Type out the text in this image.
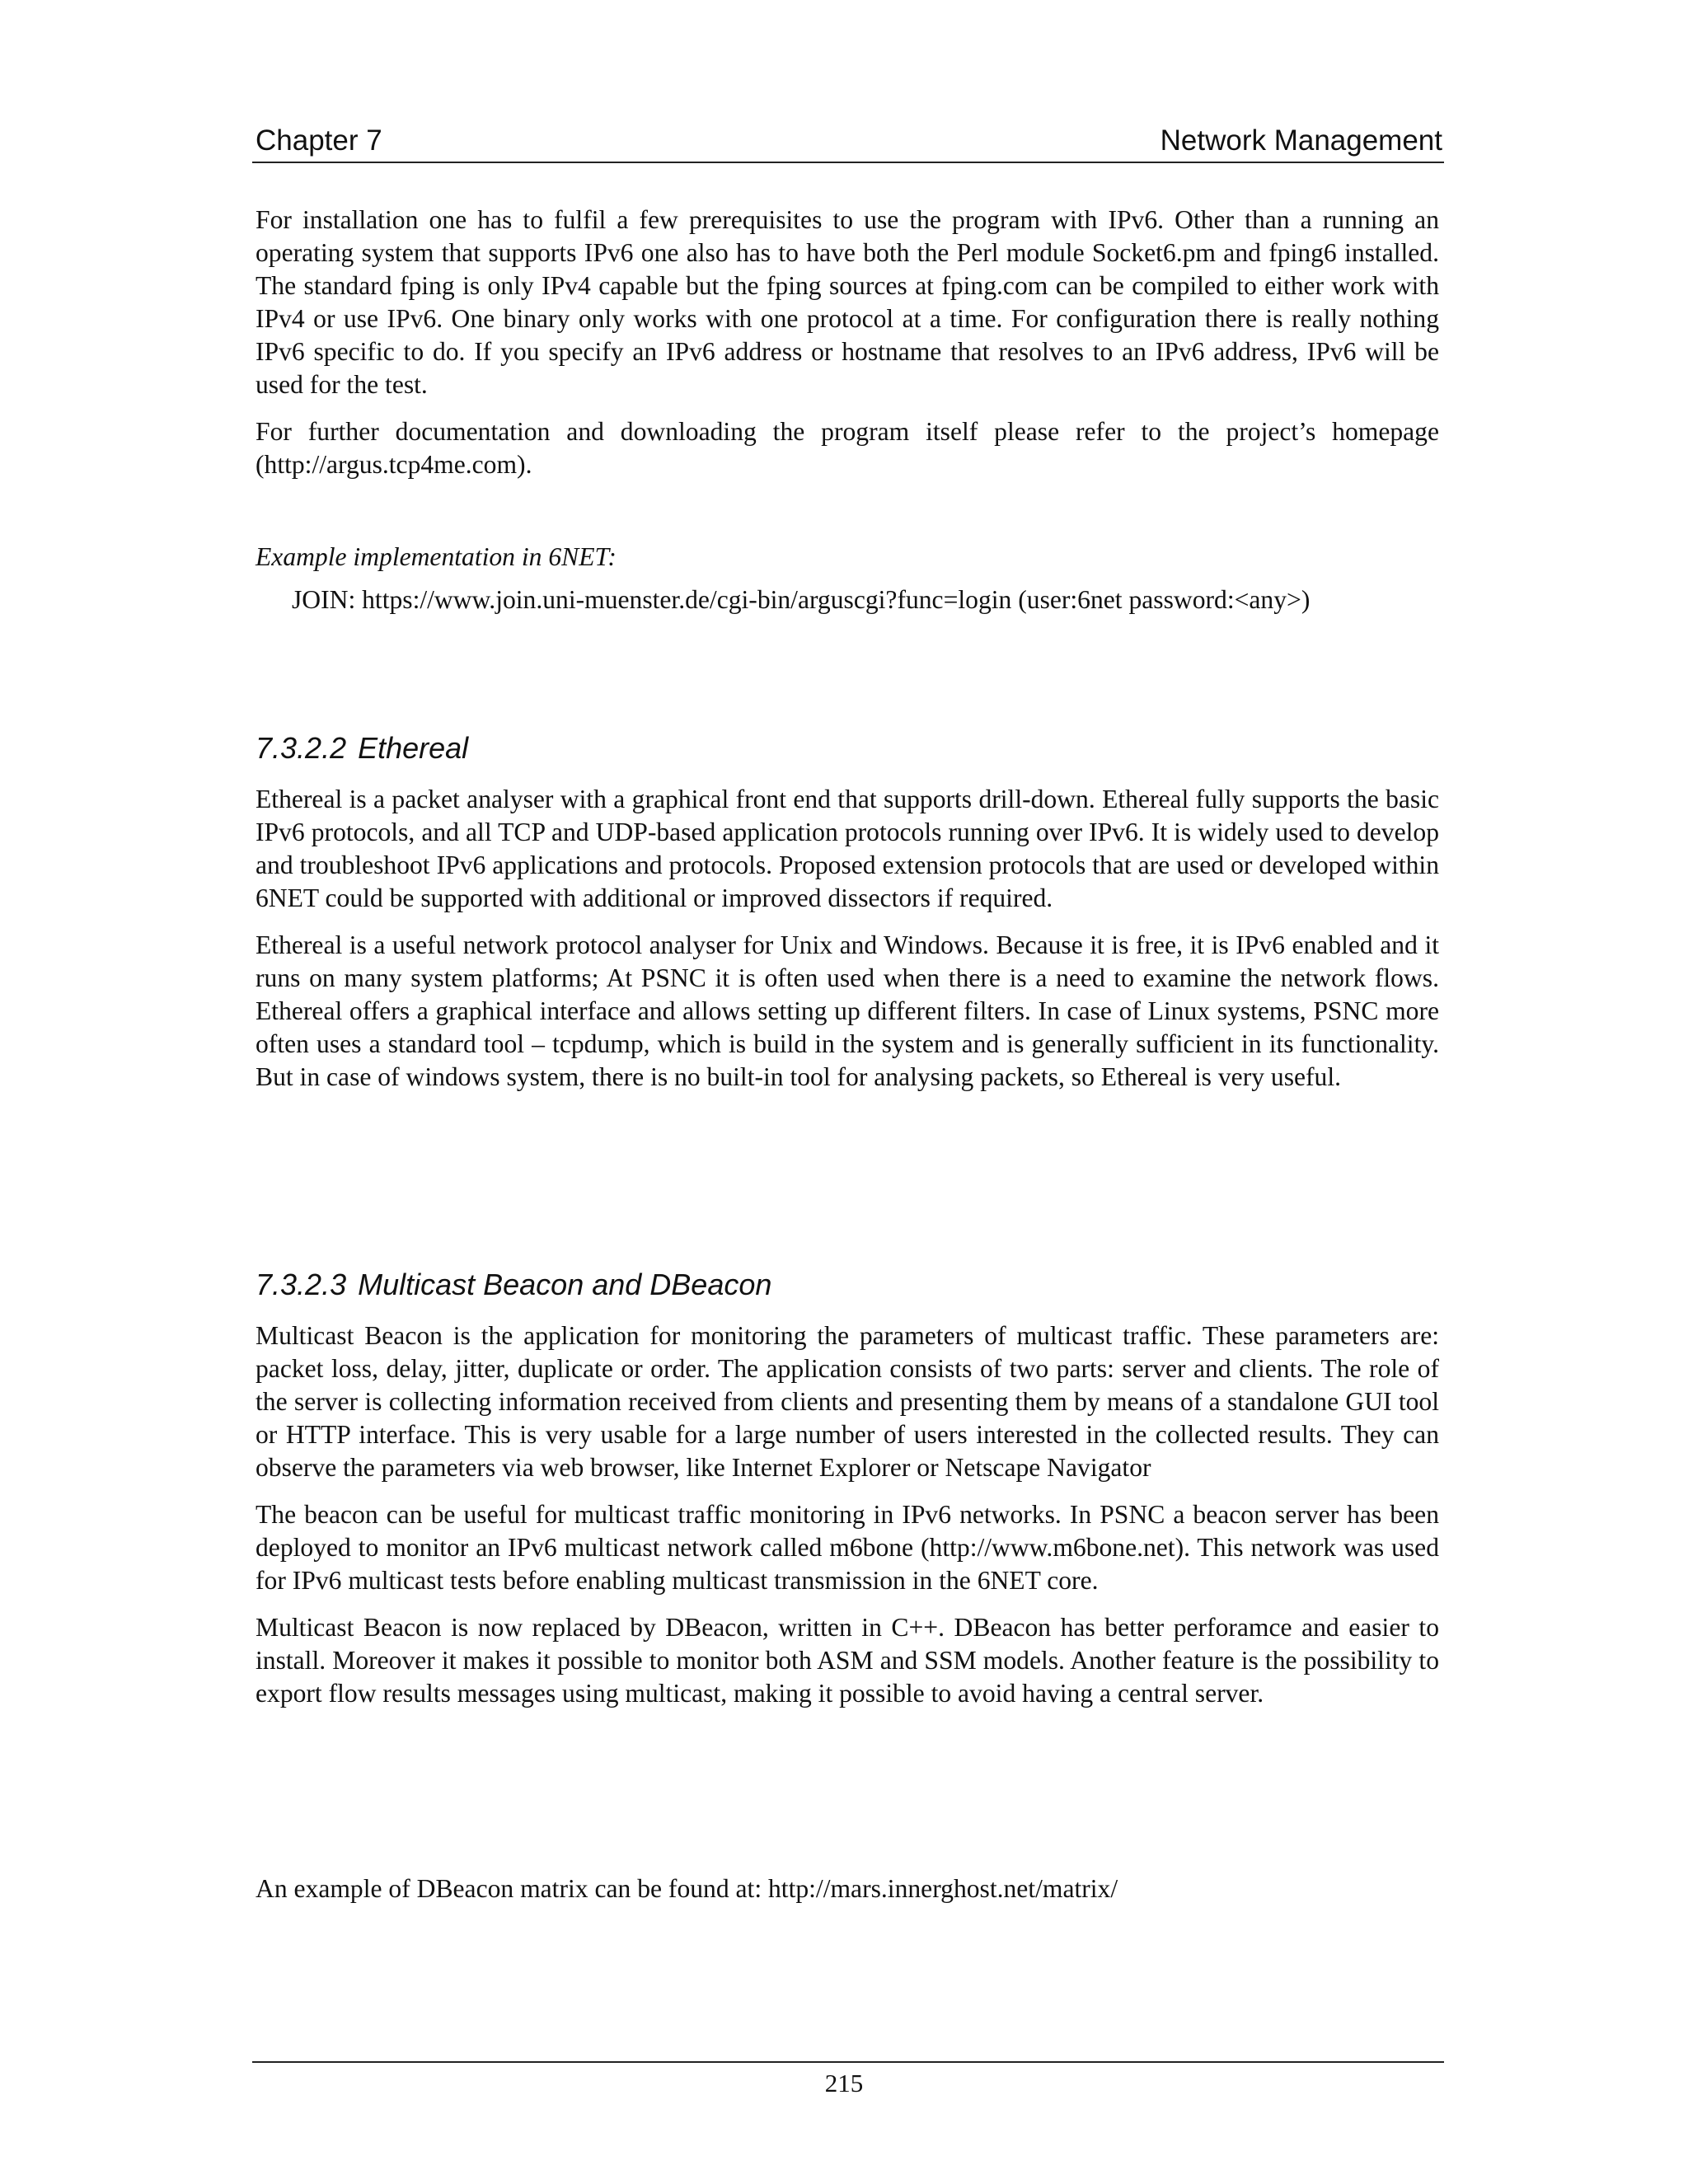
Chapter 7	Network Management

For installation one has to fulfil a few prerequisites to use the program with IPv6. Other than a running an operating system that supports IPv6 one also has to have both the Perl module Socket6.pm and fping6 installed. The standard fping is only IPv4 capable but the fping sources at fping.com can be compiled to either work with IPv4 or use IPv6. One binary only works with one protocol at a time. For configuration there is really nothing IPv6 specific to do. If you specify an IPv6 address or hostname that resolves to an IPv6 address, IPv6 will be used for the test.

For further documentation and downloading the program itself please refer to the project’s homepage (http://argus.tcp4me.com).

Example implementation in 6NET:

JOIN: https://www.join.uni-muenster.de/cgi-bin/arguscgi?func=login (user:6net password:<any>)

7.3.2.2 Ethereal

Ethereal is a packet analyser with a graphical front end that supports drill-down. Ethereal fully supports the basic IPv6 protocols, and all TCP and UDP-based application protocols running over IPv6. It is widely used to develop and troubleshoot IPv6 applications and protocols. Proposed extension protocols that are used or developed within 6NET could be supported with additional or improved dissectors if required.

Ethereal is a useful network protocol analyser for Unix and Windows. Because it is free, it is IPv6 enabled and it runs on many system platforms; At PSNC it is often used when there is a need to examine the network flows. Ethereal offers a graphical interface and allows setting up different filters. In case of Linux systems, PSNC more often uses a standard tool – tcpdump, which is build in the system and is generally sufficient in its functionality. But in case of windows system, there is no built-in tool for analysing packets, so Ethereal is very useful.

7.3.2.3 Multicast Beacon and DBeacon

Multicast Beacon is the application for monitoring the parameters of multicast traffic. These parameters are: packet loss, delay, jitter, duplicate or order. The application consists of two parts: server and clients. The role of the server is collecting information received from clients and presenting them by means of a standalone GUI tool or HTTP interface. This is very usable for a large number of users interested in the collected results. They can observe the parameters via web browser, like Internet Explorer or Netscape Navigator

The beacon can be useful for multicast traffic monitoring in IPv6 networks. In PSNC a beacon server has been deployed to monitor an IPv6 multicast network called m6bone (http://www.m6bone.net). This network was used for IPv6 multicast tests before enabling multicast transmission in the 6NET core.

Multicast Beacon is now replaced by DBeacon, written in C++. DBeacon has better perforamce and easier to install. Moreover it makes it possible to monitor both ASM and SSM models. Another feature is the possibility to export flow results messages using multicast, making it possible to avoid having a central server.

An example of DBeacon matrix can be found at: http://mars.innerghost.net/matrix/

215
